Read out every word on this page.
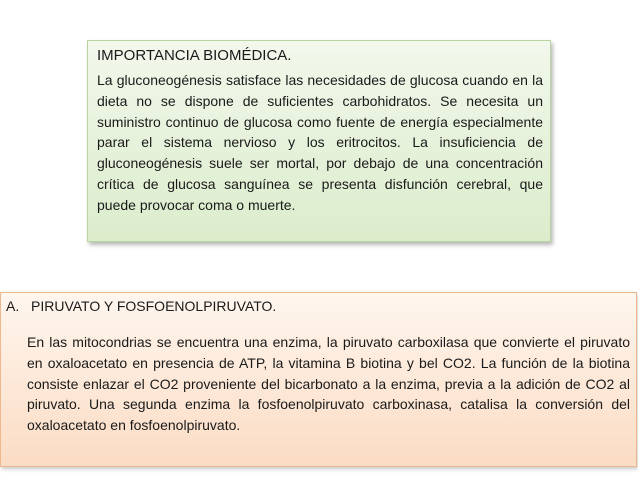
IMPORTANCIA BIOMÉDICA.
La gluconeogénesis satisface las necesidades de glucosa cuando en la dieta no se dispone de suficientes carbohidratos. Se necesita un suministro continuo de glucosa como fuente de energía especialmente parar el sistema nervioso y los eritrocitos. La insuficiencia de gluconeogénesis suele ser mortal, por debajo de una concentración crítica de glucosa sanguínea se presenta disfunción cerebral, que puede provocar coma o muerte.
A. PIRUVATO Y FOSFOENOLPIRUVATO.
En las mitocondrias se encuentra una enzima, la piruvato carboxilasa que convierte el piruvato en oxaloacetato en presencia de ATP, la vitamina B biotina y bel CO2. La función de la biotina consiste enlazar el CO2 proveniente del bicarbonato a la enzima, previa a la adición de CO2 al piruvato. Una segunda enzima la fosfoenolpiruvato carboxinasa, catalisa la conversión del oxaloacetato en fosfoenolpiruvato.
